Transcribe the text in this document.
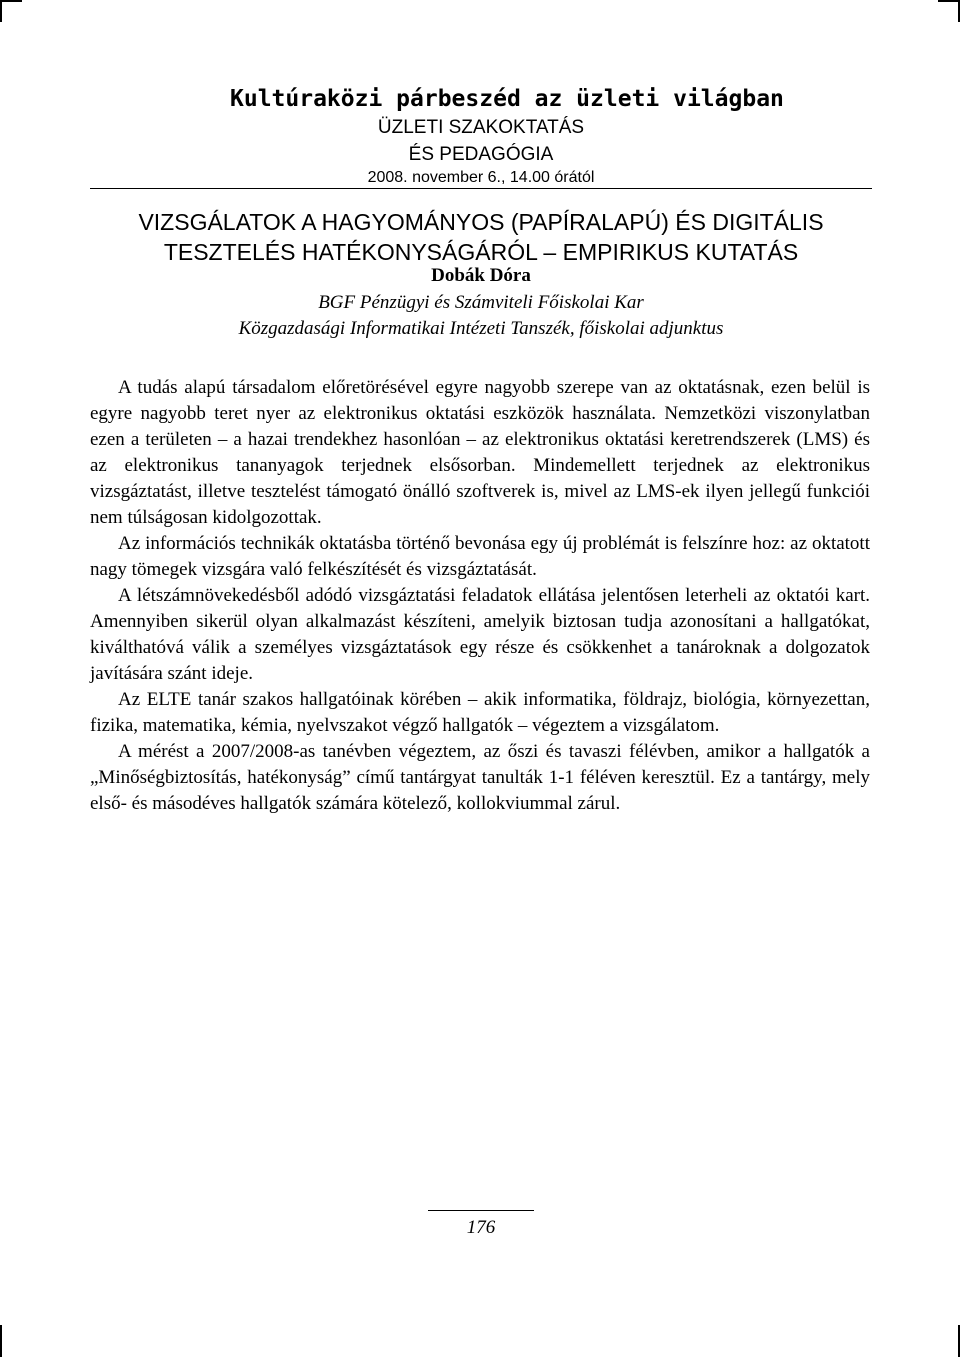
Kultúraközi párbeszéd az üzleti világban
ÜZLETI SZAKOKTATÁS
ÉS PEDAGÓGIA
2008. november 6., 14.00 órától
VIZSGÁLATOK A HAGYOMÁNYOS (PAPÍRALAPÚ) ÉS DIGITÁLIS
TESZTELÉS HATÉKONYSÁGÁRÓL – EMPIRIKUS KUTATÁS
Dobák Dóra
BGF Pénzügyi és Számviteli Főiskolai Kar
Közgazdasági Informatikai Intézeti Tanszék, főiskolai adjunktus

A tudás alapú társadalom előretörésével egyre nagyobb szerepe van az oktatásnak, ezen belül is egyre nagyobb teret nyer az elektronikus oktatási eszközök használata. Nemzetközi viszonylatban ezen a területen – a hazai trendekhez hasonlóan – az elektronikus oktatási keretrendszerek (LMS) és az elektronikus tananyagok terjednek elsősorban. Mindemellett terjednek az elektronikus vizsgáztatást, illetve tesztelést támogató önálló szoftverek is, mivel az LMS-ek ilyen jellegű funkciói nem túlságosan kidolgozottak.

Az információs technikák oktatásba történő bevonása egy új problémát is felszínre hoz: az oktatott nagy tömegek vizsgára való felkészítését és vizsgáztatását.

A létszámnövekedésből adódó vizsgáztatási feladatok ellátása jelentősen leterheli az oktatói kart. Amennyiben sikerül olyan alkalmazást készíteni, amelyik biztosan tudja azonosítani a hallgatókat, kiválthatóvá válik a személyes vizsgáztatások egy része és csökkenhet a tanároknak a dolgozatok javítására szánt ideje.

Az ELTE tanár szakos hallgatóinak körében – akik informatika, földrajz, biológia, környezettan, fizika, matematika, kémia, nyelvszakot végző hallgatók – végeztem a vizsgálatom.

A mérést a 2007/2008-as tanévben végeztem, az őszi és tavaszi félévben, amikor a hallgatók a „Minőségbiztosítás, hatékonyság” című tantárgyat tanulták 1-1 féléven keresztül. Ez a tantárgy, mely első- és másodéves hallgatók számára kötelező, kollokviummal zárul.

176
